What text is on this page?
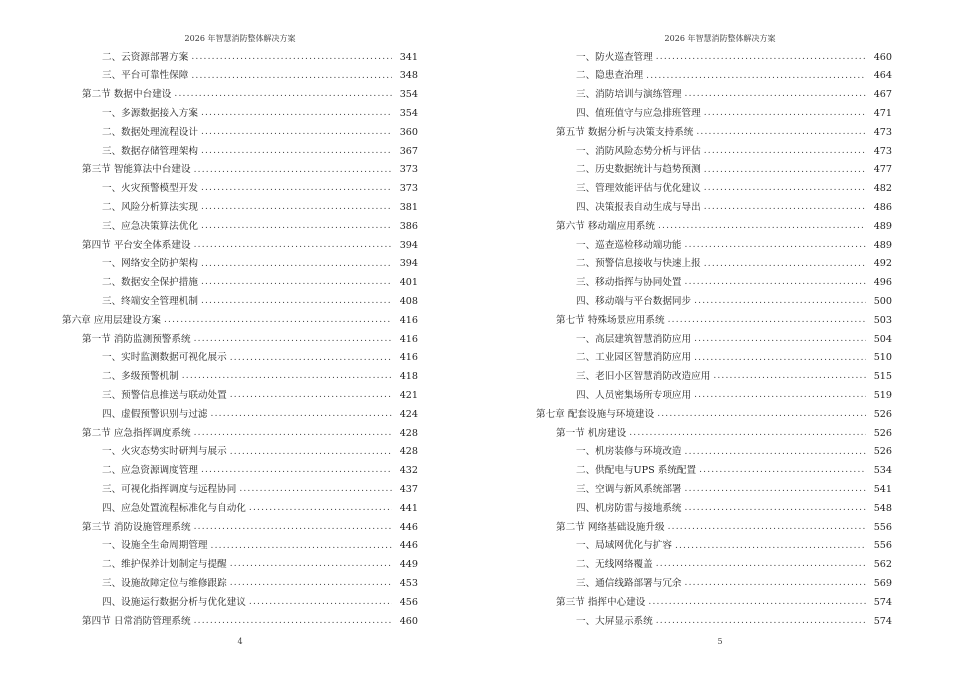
2026 年智慧消防整体解决方案
二、云资源部署方案 .....	341
三、平台可靠性保障 .....	348
第二节 数据中台建设 .....	354
一、多源数据接入方案 .....	354
二、数据处理流程设计 .....	360
三、数据存储管理架构 .....	367
第三节 智能算法中台建设 .....	373
一、火灾预警模型开发 .....	373
二、风险分析算法实现 .....	381
三、应急决策算法优化 .....	386
第四节 平台安全体系建设 .....	394
一、网络安全防护架构 .....	394
二、数据安全保护措施 .....	401
三、终端安全管理机制 .....	408
第六章 应用层建设方案 .....	416
第一节 消防监测预警系统 .....	416
一、实时监测数据可视化展示 .....	416
二、多级预警机制 .....	418
三、预警信息推送与联动处置 .....	421
四、虚假预警识别与过滤 .....	424
第二节 应急指挥调度系统 .....	428
一、火灾态势实时研判与展示 .....	428
二、应急资源调度管理 .....	432
三、可视化指挥调度与远程协同 .....	437
四、应急处置流程标准化与自动化 .....	441
第三节 消防设施管理系统 .....	446
一、设施全生命周期管理 .....	446
二、维护保养计划制定与提醒 .....	449
三、设施故障定位与维修跟踪 .....	453
四、设施运行数据分析与优化建议 .....	456
第四节 日常消防管理系统 .....	460
4
2026 年智慧消防整体解决方案
一、防火巡查管理 .....	460
二、隐患查治理 .....	464
三、消防培训与演练管理 .....	467
四、值班值守与应急排班管理 .....	471
第五节 数据分析与决策支持系统 .....	473
一、消防风险态势分析与评估 .....	473
二、历史数据统计与趋势预测 .....	477
三、管理效能评估与优化建议 .....	482
四、决策报表自动生成与导出 .....	486
第六节 移动端应用系统 .....	489
一、巡查巡检移动端功能 .....	489
二、预警信息接收与快速上报 .....	492
三、移动指挥与协同处置 .....	496
四、移动端与平台数据同步 .....	500
第七节 特殊场景应用系统 .....	503
一、高层建筑智慧消防应用 .....	504
二、工业园区智慧消防应用 .....	510
三、老旧小区智慧消防改造应用 .....	515
四、人员密集场所专项应用 .....	519
第七章 配套设施与环境建设 .....	526
第一节 机房建设 .....	526
一、机房装修与环境改造 .....	526
二、供配电与UPS 系统配置 .....	534
三、空调与新风系统部署 .....	541
四、机房防雷与接地系统 .....	548
第二节 网络基础设施升级 .....	556
一、局域网优化与扩容 .....	556
二、无线网络覆盖 .....	562
三、通信线路部署与冗余 .....	569
第三节 指挥中心建设 .....	574
一、大屏显示系统 .....	574
5
